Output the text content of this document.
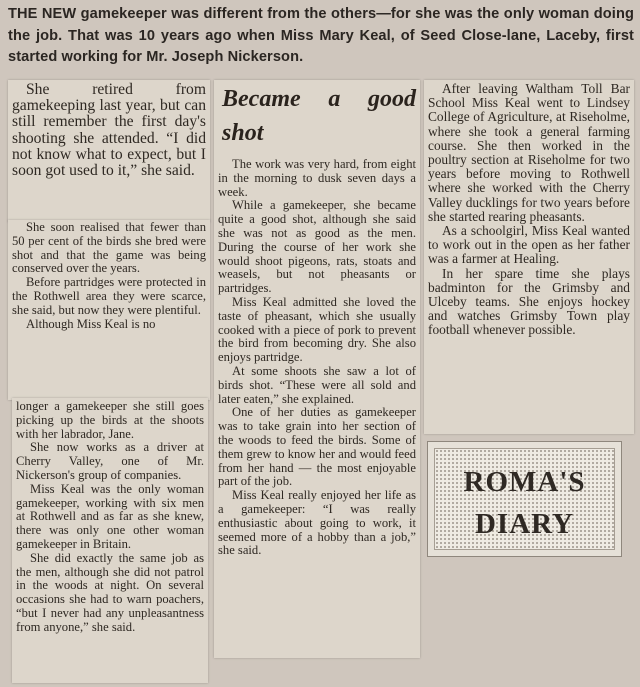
THE NEW gamekeeper was different from the others—for she was the only woman doing the job. That was 10 years ago when Miss Mary Keal, of Seed Close-lane, Laceby, first started working for Mr. Joseph Nickerson.

She retired from gamekeeping last year, but can still remember the first day's shooting she attended. “I did not know what to expect, but I soon got used to it,” she said.

She soon realised that fewer than 50 per cent of the birds she bred were shot and that the game was being conserved over the years.

Before partridges were protected in the Rothwell area they were scarce, she said, but now they were plentiful.

Although Miss Keal is no

longer a gamekeeper she still goes picking up the birds at the shoots with her labrador, Jane.

She now works as a driver at Cherry Valley, one of Mr. Nickerson's group of companies.

Miss Keal was the only woman gamekeeper, working with six men at Rothwell and as far as she knew, there was only one other woman gamekeeper in Britain.

She did exactly the same job as the men, although she did not patrol in the woods at night. On several occasions she had to warn poachers, “but I never had any unpleasantness from anyone,” she said.

Became a good shot

The work was very hard, from eight in the morning to dusk seven days a week.

While a gamekeeper, she became quite a good shot, although she said she was not as good as the men. During the course of her work she would shoot pigeons, rats, stoats and weasels, but not pheasants or partridges.

Miss Keal admitted she loved the taste of pheasant, which she usually cooked with a piece of pork to prevent the bird from becoming dry. She also enjoys partridge.

At some shoots she saw a lot of birds shot. “These were all sold and later eaten,” she explained.

One of her duties as gamekeeper was to take grain into her section of the woods to feed the birds. Some of them grew to know her and would feed from her hand — the most enjoyable part of the job.

Miss Keal really enjoyed her life as a gamekeeper: “I was really enthusiastic about going to work, it seemed more of a hobby than a job,” she said.

After leaving Waltham Toll Bar School Miss Keal went to Lindsey College of Agriculture, at Riseholme, where she took a general farming course. She then worked in the poultry section at Riseholme for two years before moving to Rothwell where she worked with the Cherry Valley ducklings for two years before she started rearing pheasants.

As a schoolgirl, Miss Keal wanted to work out in the open as her father was a farmer at Healing.

In her spare time she plays badminton for the Grimsby and Ulceby teams. She enjoys hockey and watches Grimsby Town play football whenever possible.

ROMA'S
DIARY
